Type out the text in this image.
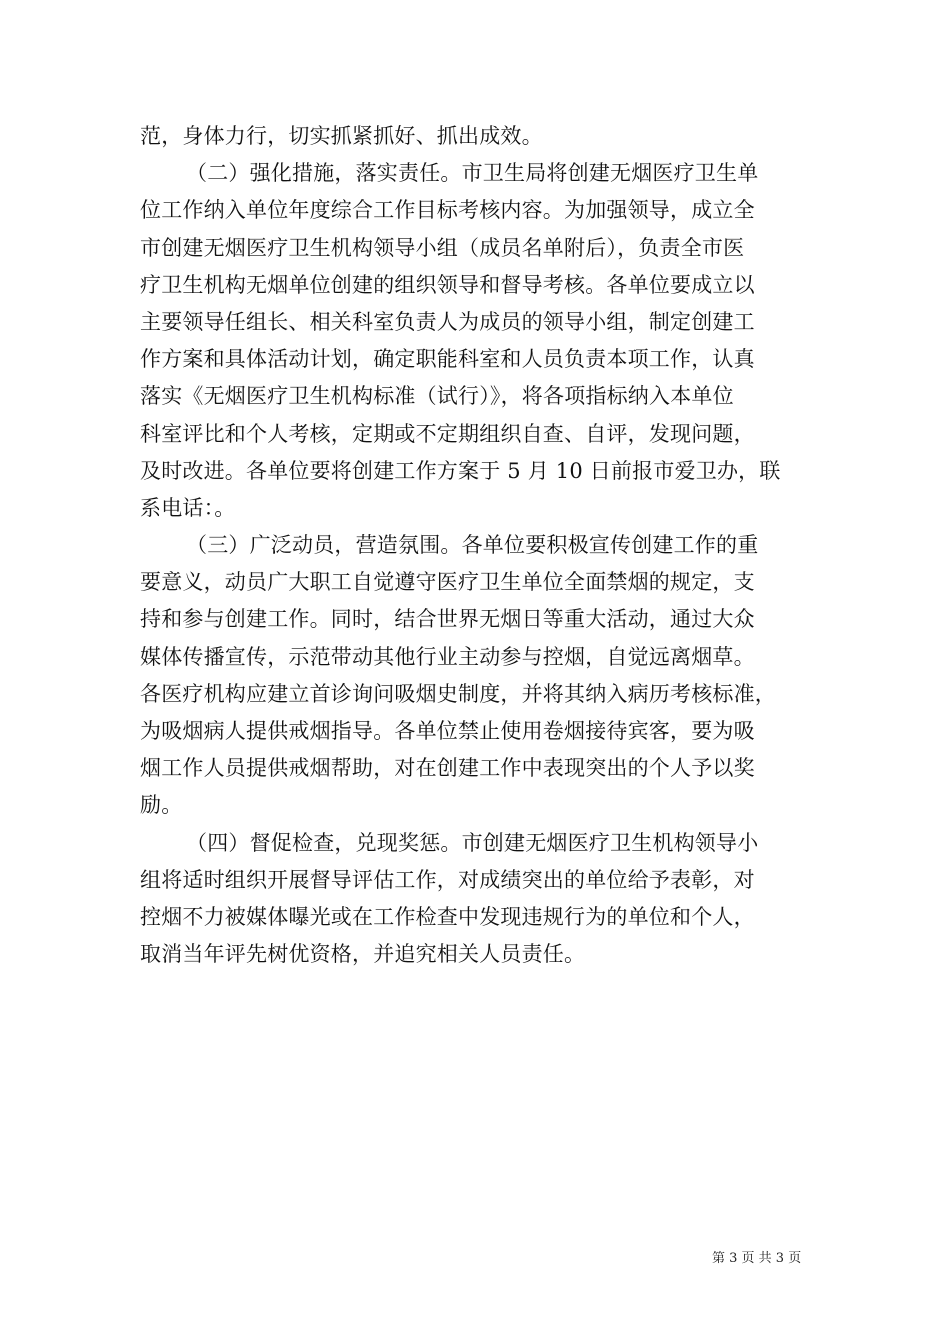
范，身体力行，切实抓紧抓好、抓出成效。
（二）强化措施，落实责任。市卫生局将创建无烟医疗卫生单
位工作纳入单位年度综合工作目标考核内容。为加强领导，成立全
市创建无烟医疗卫生机构领导小组（成员名单附后），负责全市医
疗卫生机构无烟单位创建的组织领导和督导考核。各单位要成立以
主要领导任组长、相关科室负责人为成员的领导小组，制定创建工
作方案和具体活动计划，确定职能科室和人员负责本项工作，认真
落实《无烟医疗卫生机构标准（试行）》，将各项指标纳入本单位
科室评比和个人考核，定期或不定期组织自查、自评，发现问题，
及时改进。各单位要将创建工作方案于 5 月 10 日前报市爱卫办，联
系电话：。
（三）广泛动员，营造氛围。各单位要积极宣传创建工作的重
要意义，动员广大职工自觉遵守医疗卫生单位全面禁烟的规定，支
持和参与创建工作。同时，结合世界无烟日等重大活动，通过大众
媒体传播宣传，示范带动其他行业主动参与控烟，自觉远离烟草。
各医疗机构应建立首诊询问吸烟史制度，并将其纳入病历考核标准，
为吸烟病人提供戒烟指导。各单位禁止使用卷烟接待宾客，要为吸
烟工作人员提供戒烟帮助，对在创建工作中表现突出的个人予以奖
励。
（四）督促检查，兑现奖惩。市创建无烟医疗卫生机构领导小
组将适时组织开展督导评估工作，对成绩突出的单位给予表彰，对
控烟不力被媒体曝光或在工作检查中发现违规行为的单位和个人，
取消当年评先树优资格，并追究相关人员责任。
第 3 页 共 3 页
